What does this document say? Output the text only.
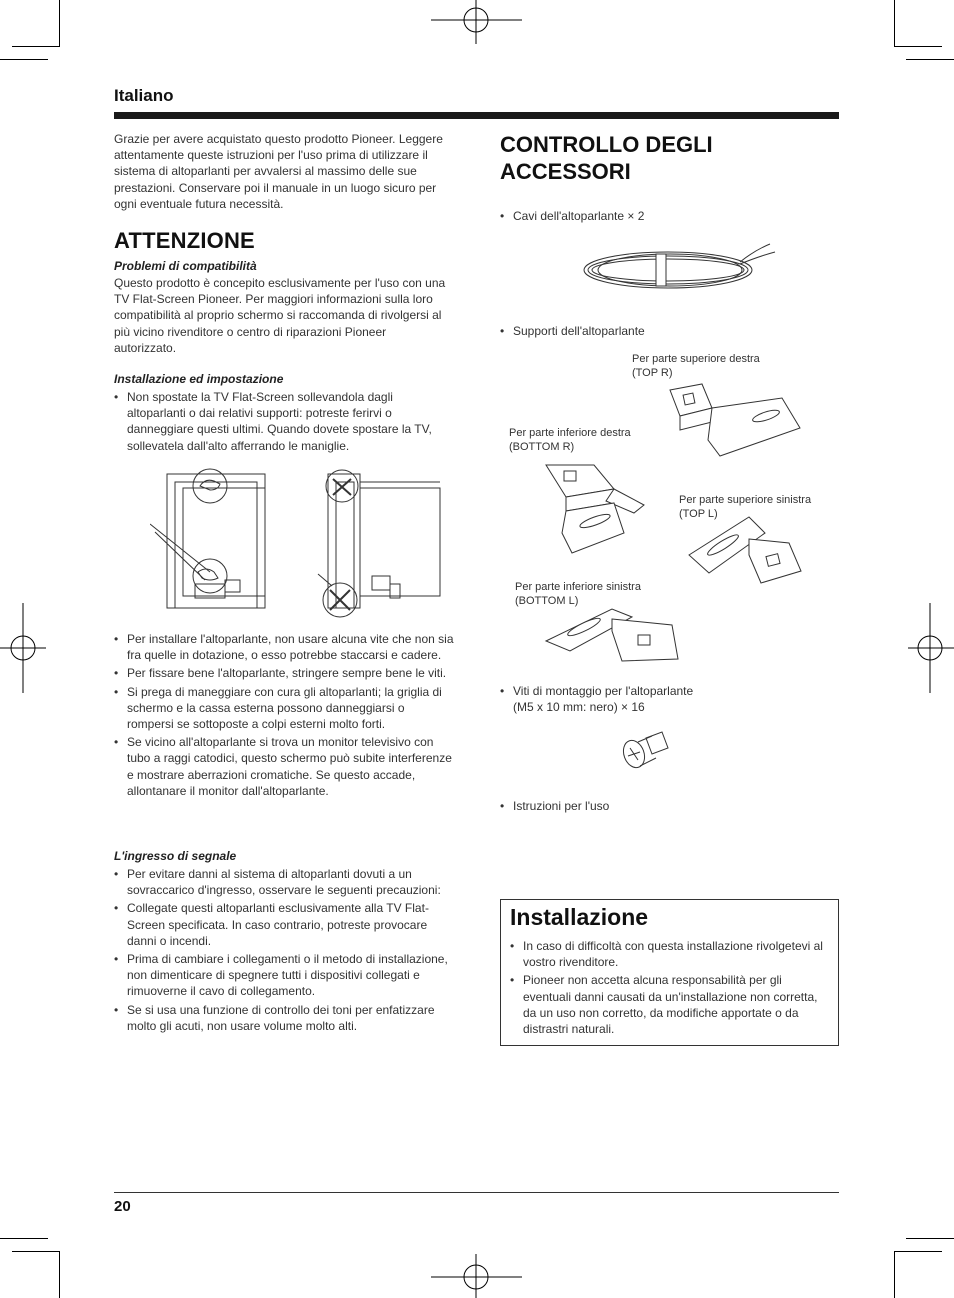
Italiano
Grazie per avere acquistato questo prodotto Pioneer. Leggere attentamente queste istruzioni per l'uso prima di utilizzare il sistema di altoparlanti per avvalersi al massimo delle sue prestazioni. Conservare poi il manuale in un luogo sicuro per ogni eventuale futura necessità.
ATTENZIONE
Problemi di compatibilità
Questo prodotto è concepito esclusivamente per l'uso con una TV Flat-Screen Pioneer. Per maggiori informazioni sulla loro compatibilità al proprio schermo si raccomanda di rivolgersi al più vicino rivenditore o centro di riparazioni Pioneer autorizzato.
Installazione ed impostazione
• Non spostate la TV Flat-Screen sollevandola dagli altoparlanti o dai relativi supporti: potreste ferirvi o danneggiare questi ultimi. Quando dovete spostare la TV, sollevatela dall'alto afferrando le maniglie.
• Per installare l'altoparlante, non usare alcuna vite che non sia fra quelle in dotazione, o esso potrebbe staccarsi e cadere.
• Per fissare bene l'altoparlante, stringere sempre bene le viti.
• Si prega di maneggiare con cura gli altoparlanti; la griglia di schermo e la cassa esterna possono danneggiarsi o rompersi se sottoposte a colpi esterni molto forti.
• Se vicino all'altoparlante si trova un monitor televisivo con tubo a raggi catodici, questo schermo può subite interferenze e mostrare aberrazioni cromatiche. Se questo accade, allontanare il monitor dall'altoparlante.
L'ingresso di segnale
• Per evitare danni al sistema di altoparlanti dovuti a un sovraccarico d'ingresso, osservare le seguenti precauzioni:
• Collegate questi altoparlanti esclusivamente alla TV Flat-Screen specificata. In caso contrario, potreste provocare danni o incendi.
• Prima di cambiare i collegamenti o il metodo di installazione, non dimenticare di spegnere tutti i dispositivi collegati e rimuoverne il cavo di collegamento.
• Se si usa una funzione di controllo dei toni per enfatizzare molto gli acuti, non usare volume molto alti.
CONTROLLO DEGLI
ACCESSORI
• Cavi dell'altoparlante × 2
• Supporti dell'altoparlante
Per parte superiore destra
(TOP R)
Per parte inferiore destra
(BOTTOM R)
Per parte superiore sinistra
(TOP L)
Per parte inferiore sinistra
(BOTTOM L)
• Viti di montaggio per l'altoparlante
(M5 x 10 mm: nero) × 16
• Istruzioni per l'uso
Installazione
• In caso di difficoltà con questa installazione rivolgetevi al vostro rivenditore.
• Pioneer non accetta alcuna responsabilità per gli eventuali danni causati da un'installazione non corretta, da un uso non corretto, da modifiche apportate o da distrastri naturali.
20
